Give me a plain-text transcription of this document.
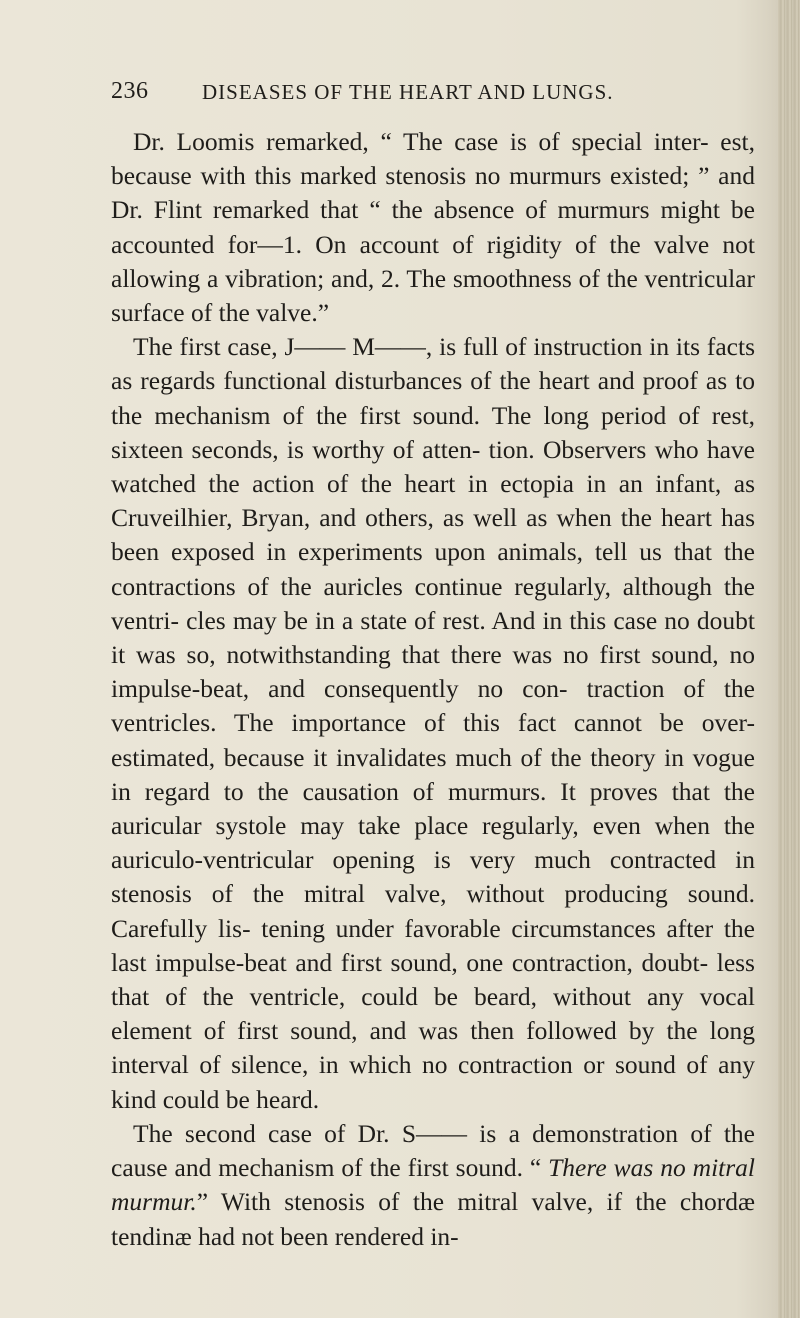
236	DISEASES OF THE HEART AND LUNGS.

Dr. Loomis remarked, “ The case is of special inter- est, because with this marked stenosis no murmurs existed; ” and Dr. Flint remarked that “ the absence of murmurs might be accounted for—1. On account of rigidity of the valve not allowing a vibration; and, 2. The smoothness of the ventricular surface of the valve.”

The first case, J—— M——, is full of instruction in its facts as regards functional disturbances of the heart and proof as to the mechanism of the first sound. The long period of rest, sixteen seconds, is worthy of atten- tion. Observers who have watched the action of the heart in ectopia in an infant, as Cruveilhier, Bryan, and others, as well as when the heart has been exposed in experiments upon animals, tell us that the contractions of the auricles continue regularly, although the ventri- cles may be in a state of rest. And in this case no doubt it was so, notwithstanding that there was no first sound, no impulse-beat, and consequently no con- traction of the ventricles. The importance of this fact cannot be over-estimated, because it invalidates much of the theory in vogue in regard to the causation of murmurs. It proves that the auricular systole may take place regularly, even when the auriculo-ventricular opening is very much contracted in stenosis of the mitral valve, without producing sound. Carefully lis- tening under favorable circumstances after the last impulse-beat and first sound, one contraction, doubt- less that of the ventricle, could be beard, without any vocal element of first sound, and was then followed by the long interval of silence, in which no contraction or sound of any kind could be heard.

The second case of Dr. S—— is a demonstration of the cause and mechanism of the first sound. “ There was no mitral murmur.” With stenosis of the mitral valve, if the chordæ tendinæ had not been rendered in-
